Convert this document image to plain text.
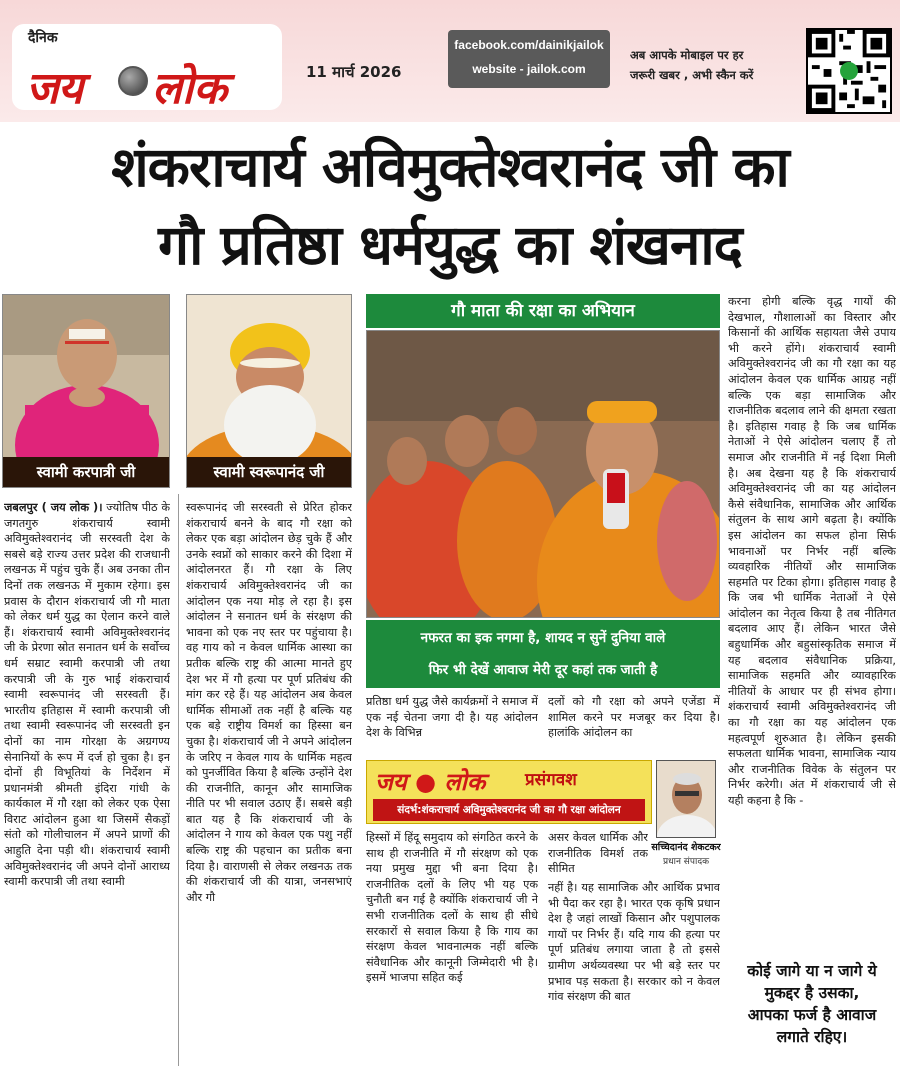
दैनिक
जय लोक	11 मार्च 2026
facebook.com/dainikjailok
website - jailok.com
अब आपके मोबाइल पर हर
जरूरी खबर , अभी स्कैन करें
शंकराचार्य अविमुक्तेश्वरानंद जी का
गौ प्रतिष्ठा धर्मयुद्ध का शंखनाद
स्वामी करपात्री जी	स्वामी स्वरूपानंद जी
गौ माता की रक्षा का अभियान
नफरत का इक नगमा है, शायद न सुनें दुनिया वाले
फिर भी देखें आवाज मेरी दूर कहां तक जाती है

जबलपुर ( जय लोक )। ज्योतिष पीठ के जगतगुरु शंकराचार्य स्वामी अविमुक्तेश्वरानंद जी सरस्वती देश के सबसे बड़े राज्य उत्तर प्रदेश की राजधानी लखनऊ में पहुंच चुके हैं। अब उनका तीन दिनों तक लखनऊ में मुकाम रहेगा। इस प्रवास के दौरान शंकराचार्य जी गौ माता को लेकर धर्म युद्ध का ऐलान करने वाले हैं। शंकराचार्य स्वामी अविमुक्तेश्वरानंद जी के प्रेरणा स्रोत सनातन धर्म के सर्वोच्च धर्म सम्राट स्वामी करपात्री जी तथा करपात्री जी के गुरु भाई शंकराचार्य स्वामी स्वरूपानंद जी सरस्वती हैं। भारतीय इतिहास में स्वामी करपात्री जी तथा स्वामी स्वरूपानंद जी सरस्वती इन दोनों का नाम गोरक्षा के अग्रगण्य सेनानियों के रूप में दर्ज हो चुका है। इन दोनों ही विभूतियां के निर्देशन में प्रधानमंत्री श्रीमती इंदिरा गांधी के कार्यकाल में गौ रक्षा को लेकर एक ऐसा विराट आंदोलन हुआ था जिसमें सैकड़ों संतो को गोलीचालन में अपने प्राणों की आहुति देना पड़ी थी। शंकराचार्य स्वामी अविमुक्तेश्वरानंद जी अपने दोनों आराध्य स्वामी करपात्री जी तथा स्वामी

स्वरूपानंद जी सरस्वती से प्रेरित होकर शंकराचार्य बनने के बाद गौ रक्षा को लेकर एक बड़ा आंदोलन छेड़ चुके हैं और उनके स्वप्नों को साकार करने की दिशा में आंदोलनरत हैं। गौ रक्षा के लिए शंकराचार्य अविमुक्तेश्वरानंद जी का आंदोलन एक नया मोड़ ले रहा है। इस आंदोलन ने सनातन धर्म के संरक्षण की भावना को एक नए स्तर पर पहुंचाया है। वह गाय को न केवल धार्मिक आस्था का प्रतीक बल्कि राष्ट्र की आत्मा मानते हुए देश भर में गौ हत्या पर पूर्ण प्रतिबंध की मांग कर रहे हैं। यह आंदोलन अब केवल धार्मिक सीमाओं तक नहीं है बल्कि यह एक बड़े राष्ट्रीय विमर्श का हिस्सा बन चुका है। शंकराचार्य जी ने अपने आंदोलन के जरिए न केवल गाय के धार्मिक महत्व को पुनर्जीवित किया है बल्कि उन्होंने देश की राजनीति, कानून और सामाजिक नीति पर भी सवाल उठाए हैं। सबसे बड़ी बात यह है कि शंकराचार्य जी के आंदोलन ने गाय को केवल एक पशु नहीं बल्कि राष्ट्र की पहचान का प्रतीक बना दिया है। वाराणसी से लेकर लखनऊ तक की शंकराचार्य जी की यात्रा, जनसभाएं और गौ

प्रतिष्ठा धर्म युद्ध जैसे कार्यक्रमों ने समाज में एक नई चेतना जगा दी है। यह आंदोलन देश के विभिन्न

दलों को गौ रक्षा को अपने एजेंडा में शामिल करने पर मजबूर कर दिया है। हालांकि आंदोलन का

जय ● लोक प्रसंगवश
संदर्भ:शंकराचार्य अविमुक्तेश्वरानंद जी का गौ रक्षा आंदोलन
सच्चिदानंद शेकटकर
प्रधान संपादक

हिस्सों में हिंदू समुदाय को संगठित करने के साथ ही राजनीति में गौ संरक्षण को एक नया प्रमुख मुद्दा भी बना दिया है। राजनीतिक दलों के लिए भी यह एक चुनौती बन गई है क्योंकि शंकराचार्य जी ने सभी राजनीतिक दलों के साथ ही सीधे सरकारों से सवाल किया है कि गाय का संरक्षण केवल भावनात्मक नहीं बल्कि संवैधानिक और कानूनी जिम्मेदारी भी है। इसमें भाजपा सहित कई

असर केवल धार्मिक और राजनीतिक विमर्श तक सीमित

नहीं है। यह सामाजिक और आर्थिक प्रभाव भी पैदा कर रहा है। भारत एक कृषि प्रधान देश है जहां लाखों किसान और पशुपालक गायों पर निर्भर हैं। यदि गाय की हत्या पर पूर्ण प्रतिबंध लगाया जाता है तो इससे ग्रामीण अर्थव्यवस्था पर भी बड़े स्तर पर प्रभाव पड़ सकता है। सरकार को न केवल गांव संरक्षण की बात

करना होगी बल्कि वृद्ध गायों की देखभाल, गौशालाओं का विस्तार और किसानों की आर्थिक सहायता जैसे उपाय भी करने होंगे। शंकराचार्य स्वामी अविमुक्तेश्वरानंद जी का गौ रक्षा का यह आंदोलन केवल एक धार्मिक आग्रह नहीं बल्कि एक बड़ा सामाजिक और राजनीतिक बदलाव लाने की क्षमता रखता है। इतिहास गवाह है कि जब धार्मिक नेताओं ने ऐसे आंदोलन चलाए हैं तो समाज और राजनीति में नई दिशा मिली है। अब देखना यह है कि शंकराचार्य अविमुक्तेश्वरानंद जी का यह आंदोलन कैसे संवैधानिक, सामाजिक और आर्थिक संतुलन के साथ आगे बढ़ता है। क्योंकि इस आंदोलन का सफल होना सिर्फ भावनाओं पर निर्भर नहीं बल्कि व्यवहारिक नीतियों और सामाजिक सहमति पर टिका होगा। इतिहास गवाह है कि जब भी धार्मिक नेताओं ने ऐसे आंदोलन का नेतृत्व किया है तब नीतिगत बदलाव आए हैं। लेकिन भारत जैसे बहुधार्मिक और बहुसांस्कृतिक समाज में यह बदलाव संवैधानिक प्रक्रिया, सामाजिक सहमति और व्यावहारिक नीतियों के आधार पर ही संभव होगा। शंकराचार्य स्वामी अविमुक्तेश्वरानंद जी का गौ रक्षा का यह आंदोलन एक महत्वपूर्ण शुरुआत है। लेकिन इसकी सफलता धार्मिक भावना, सामाजिक न्याय और राजनीतिक विवेक के संतुलन पर निर्भर करेगी। अंत में शंकराचार्य जी से यही कहना है कि -

कोई जागे या न जागे ये
मुकद्दर है उसका,
आपका फर्ज है आवाज
लगाते रहिए।
